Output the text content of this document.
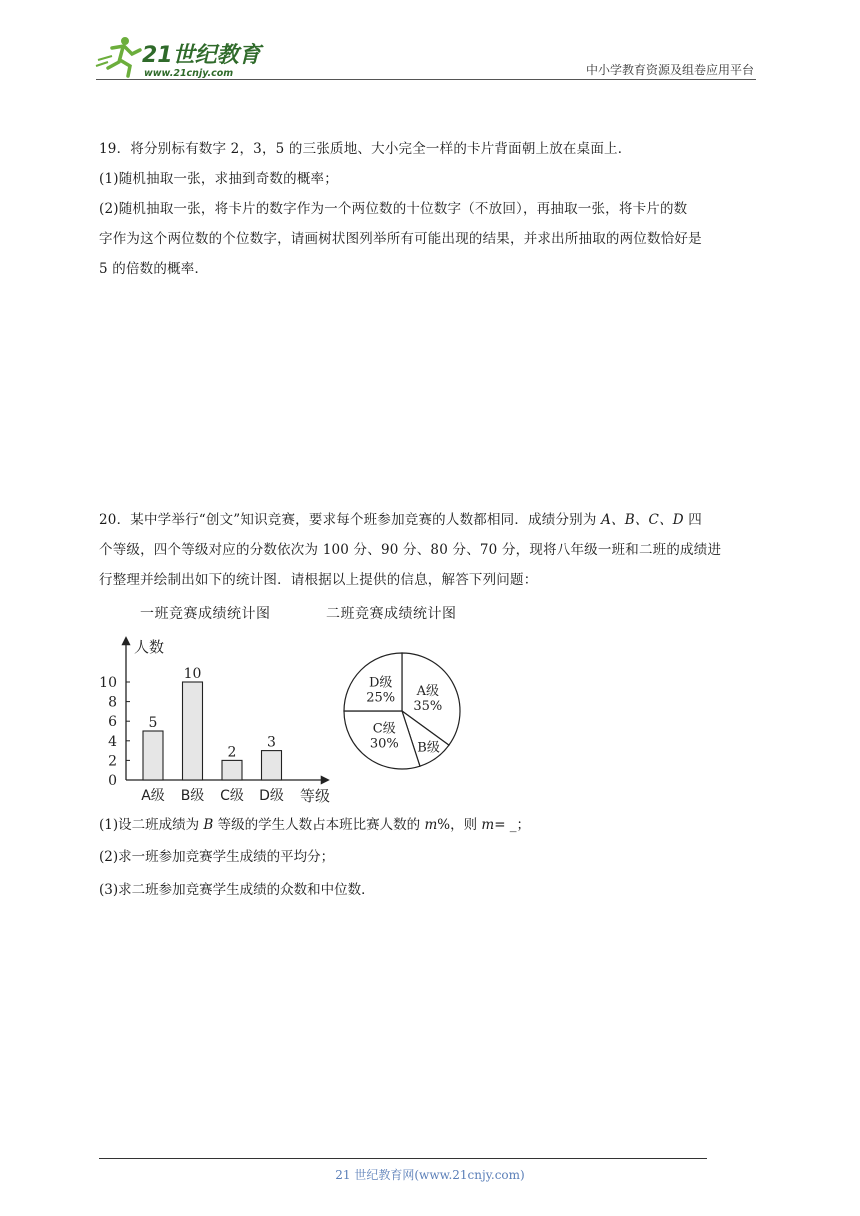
21世纪教育
www.21cnjy.com	中小学教育资源及组卷应用平台
19．将分别标有数字 2，3，5 的三张质地、大小完全一样的卡片背面朝上放在桌面上．
(1)随机抽取一张，求抽到奇数的概率；
(2)随机抽取一张，将卡片的数字作为一个两位数的十位数字（不放回），再抽取一张，将卡片的数
字作为这个两位数的个位数字，请画树状图列举所有可能出现的结果，并求出所抽取的两位数恰好是
5 的倍数的概率．
20．某中学举行“创文”知识竞赛，要求每个班参加竞赛的人数都相同．成绩分别为 A、B、C、D 四
个等级，四个等级对应的分数依次为 100 分、90 分、80 分、70 分，现将八年级一班和二班的成绩进
行整理并绘制出如下的统计图．请根据以上提供的信息，解答下列问题：
一班竞赛成绩统计图	二班竞赛成绩统计图
人数
等级
0
2
4
6
8
10
5
A级
10
B级
2
C级
3
D级
A级
35%
B级
C级
30%
D级
25%
(1)设二班成绩为 B 等级的学生人数占本班比赛人数的 m%，则 m= _；
(2)求一班参加竞赛学生成绩的平均分；
(3)求二班参加竞赛学生成绩的众数和中位数．
21 世纪教育网(www.21cnjy.com)
